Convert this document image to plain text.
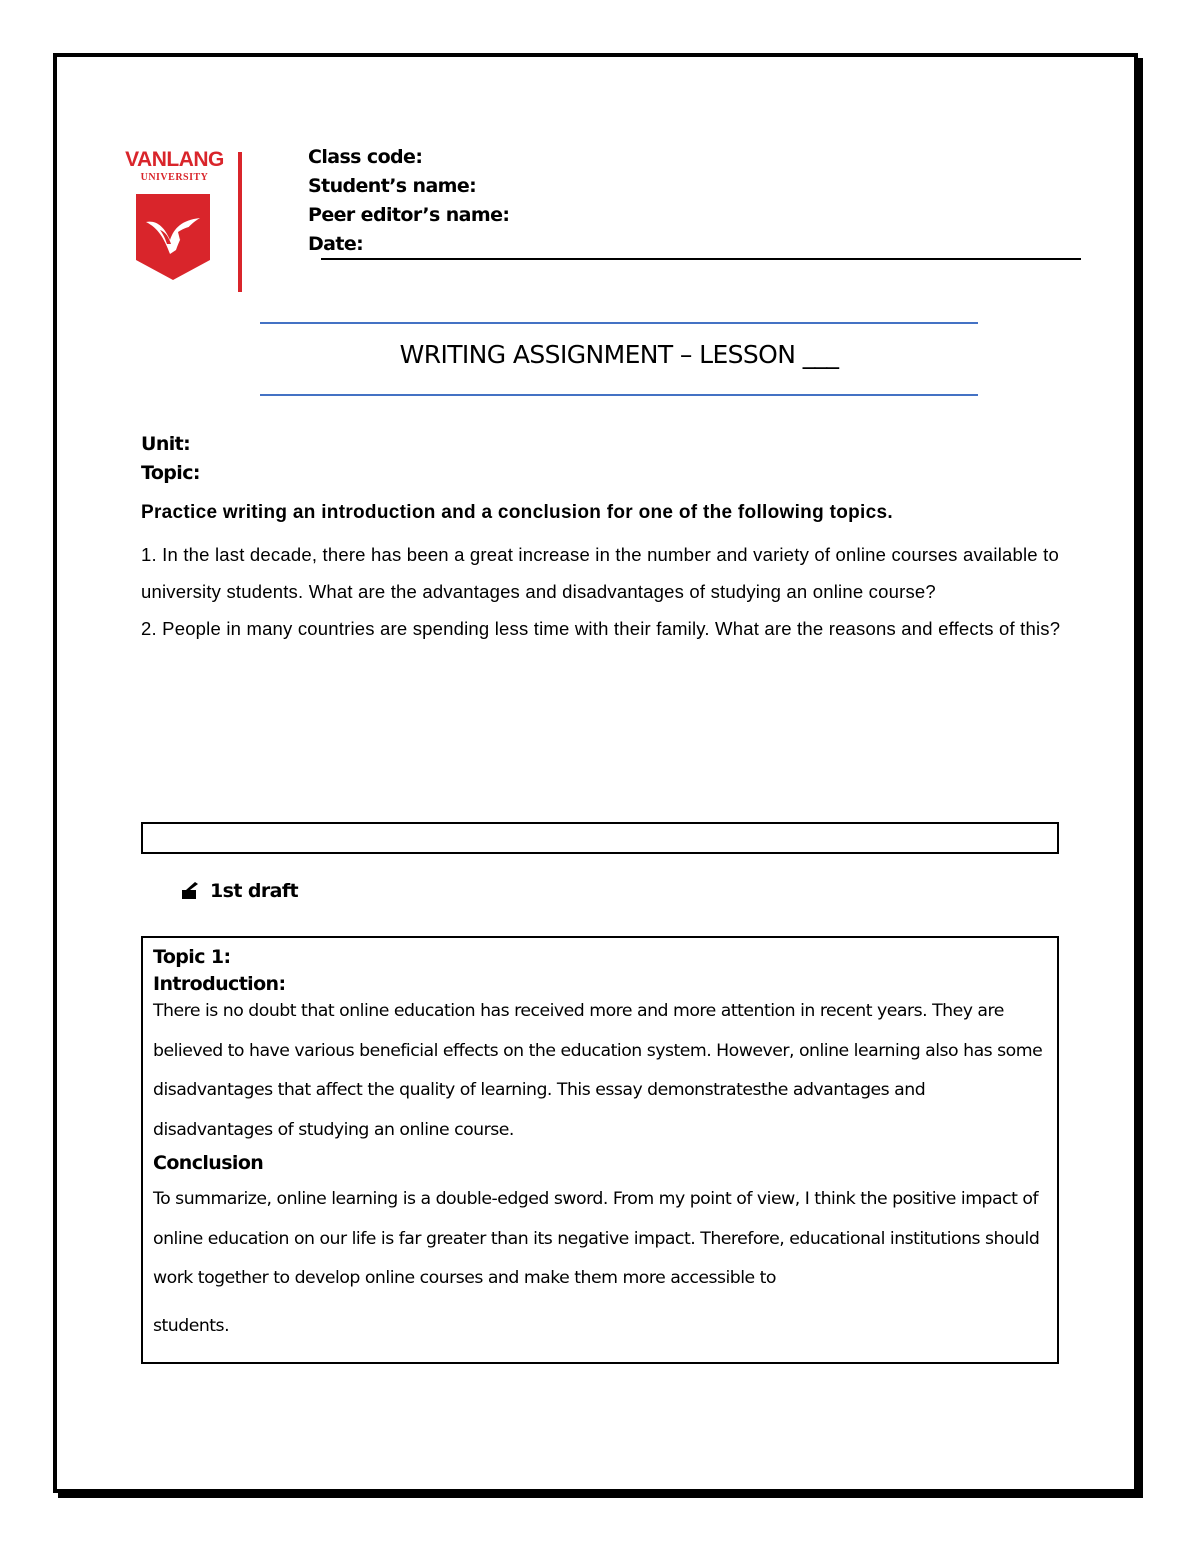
VANLANG
UNIVERSITY
Class code:
Student’s name:
Peer editor’s name:
Date:
WRITING ASSIGNMENT – LESSON ___
Unit:
Topic:
Practice writing an introduction and a conclusion for one of the following topics.
1. In the last decade, there has been a great increase in the number and variety of online courses available to university students. What are the advantages and disadvantages of studying an online course?
2. People in many countries are spending less time with their family. What are the reasons and effects of this?
1st draft
Topic 1:
Introduction:
There is no doubt that online education has received more and more attention in recent years. They are believed to have various beneficial effects on the education system. However, online learning also has some disadvantages that affect the quality of learning. This essay demonstratesthe advantages and disadvantages of studying an online course.
Conclusion
To summarize, online learning is a double-edged sword. From my point of view, I think the positive impact of online education on our life is far greater than its negative impact. Therefore, educational institutions should work together to develop online courses and make them more accessible to
students.
